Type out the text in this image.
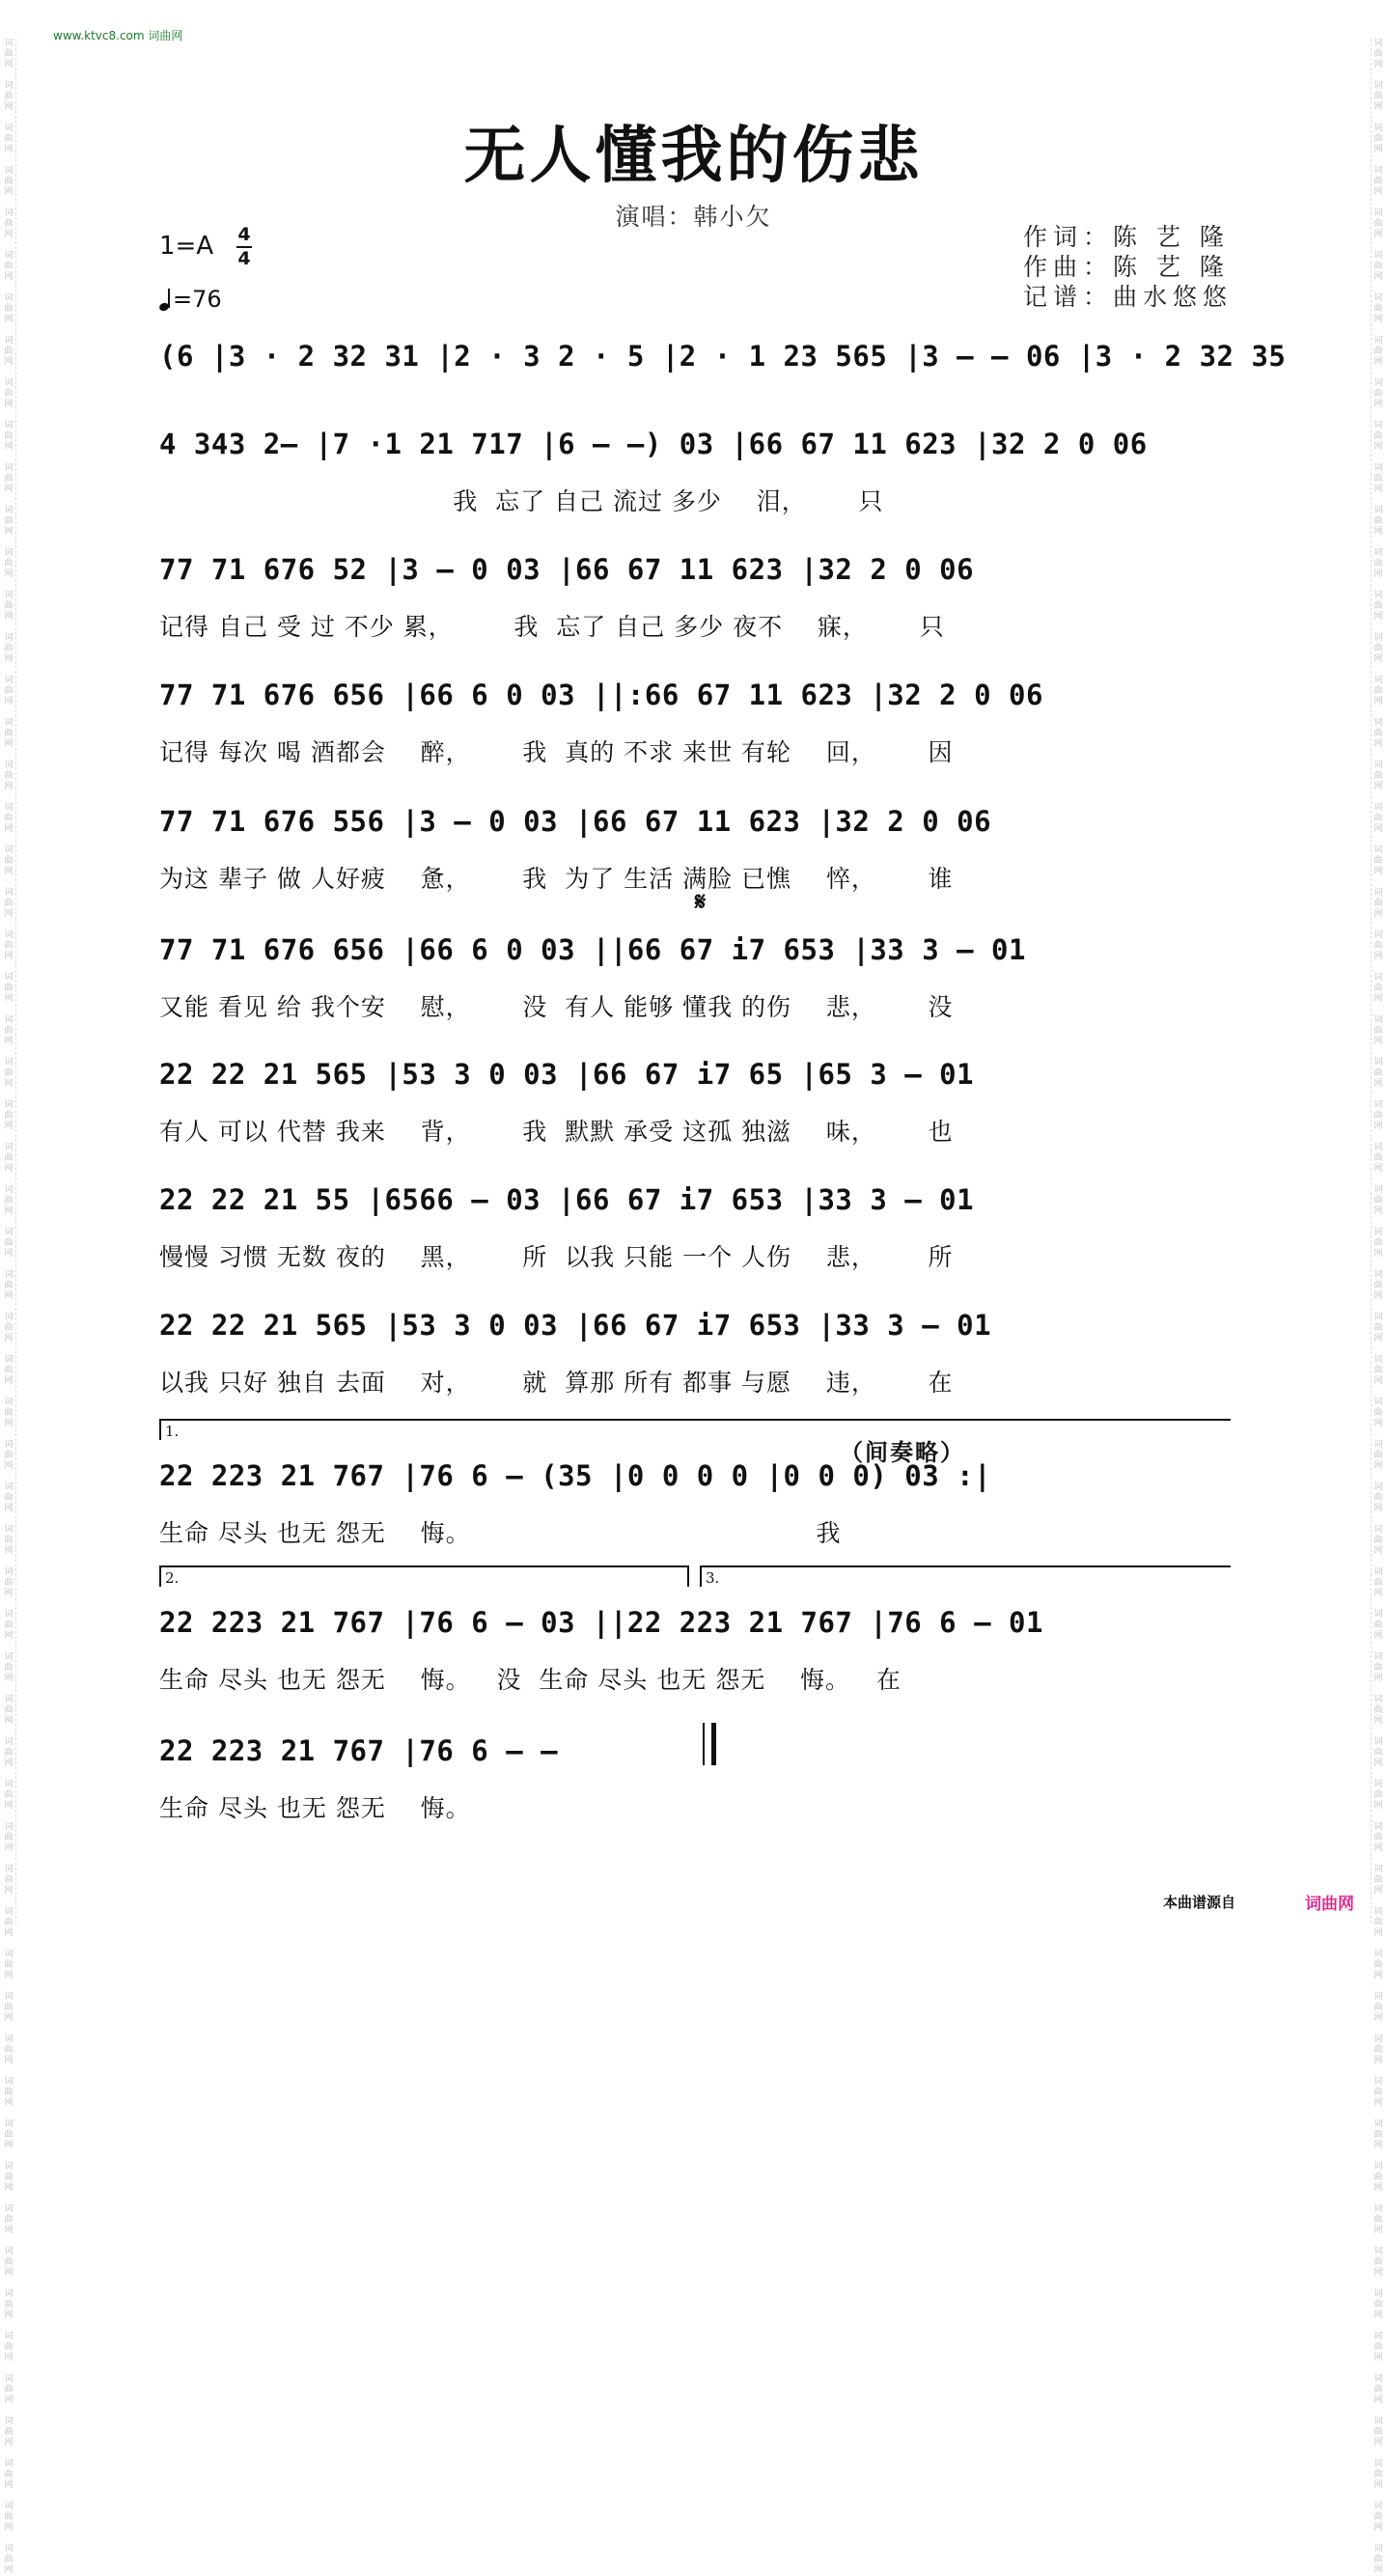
词
曲
网

词
曲
网

词
曲
网

词
曲
网

词
曲
网

词
曲
网

词
曲
网

词
曲
网

词
曲
网

词
曲
网

词
曲
网

词
曲
网

词
曲
网

词
曲
网

词
曲
网

词
曲
网

词
曲
网

词
曲
网

词
曲
网

词
曲
网

词
曲
网

词
曲
网

词
曲
网

词
曲
网

词
曲
网

词
曲
网

词
曲
网

词
曲
网

词
曲
网

词
曲
网

词
曲
网

词
曲
网

词
曲
网

词
曲
网

词
曲
网

词
曲
网

词
曲
网

词
曲
网

词
曲
网

词
曲
网

词
曲
网

词
曲
网

词
曲
网

词
曲
网

词
曲
网

词
曲
网

词
曲
网

词
曲
网

词
曲
网

词
曲
网

词
曲
网

词
曲
网

词
曲
网

词
曲
网

词
曲
网

词
曲
网

词
曲
网

词
曲
网

词
曲
网

词
曲
网

词
曲
网

词
曲
网

词
曲
网

词
曲
网

词
曲
网

词
曲
网

词
曲
网

词
曲
网

词
曲
网

词
曲
网

词
曲
网

词
曲
网

词
曲
网

词
曲
网

词
曲
网

词
曲
网

词
曲
网

词
曲
网

词
曲
网

词
曲
网

词
曲
网

词
曲
网

词
曲
网

词
曲
网

词
曲
网

词
曲
网

词
曲
网

词
曲
网

词
曲
网

词
曲
网

词
曲
网

词
曲
网

词
曲
网

词
曲
网

词
曲
网

词
曲
网

词
曲
网

词
曲
网

词
曲
网

词
曲
网

词
曲
网

词
曲
网

词
曲
网

词
曲
网

词
曲
网

词
曲
网

词
曲
网

词
曲
网

词
曲
网

词
曲
网

词
曲
网

词
曲
网

词
曲
网

词
曲
网

词
曲
网

词
曲
网

词
曲
网

词
曲
网

词
曲
网

词
曲
网

www.ktvc8.com 词曲网
无人懂我的伤悲
演唱：韩小欠
1=A 4
4
=76
作词：陈 艺 隆
作曲：陈 艺 隆
记谱：曲水悠悠
(6 |3 · 2 32 31 |2 · 3 2 · 5 |2 · 1 23 565 |3 – – 06 |3 · 2 32 35
4 343 2– |7 ·1 21 717 |6 – –) 03 |66 67 11 623 |32 2 0 06
我  忘了 自己 流过 多少    泪，      只
77 71 676 52 |3 – 0 03 |66 67 11 623 |32 2 0 06
记得 自己 受 过 不少 累，       我  忘了 自己 多少 夜不    寐，      只
77 71 676 656 |66 6 0 03 ||:66 67 11 623 |32 2 0 06
记得 每次 喝 酒都会    醉，      我  真的 不求 来世 有轮    回，      因
77 71 676 556 |3 – 0 03 |66 67 11 623 |32 2 0 06
为这 辈子 做 人好疲    惫，      我  为了 生活 满脸 已憔    悴，      谁
77 71 676 656 |66 6 0 03 ||66 67 i7 653 |33 3 – 01
又能 看见 给 我个安    慰，      没  有人 能够 懂我 的伤    悲，      没
22 22 21 565 |53 3 0 03 |66 67 i7 65 |65 3 – 01
有人 可以 代替 我来    背，      我  默默 承受 这孤 独滋    味，      也
22 22 21 55 |6566 – 03 |66 67 i7 653 |33 3 – 01
慢慢 习惯 无数 夜的    黑，      所  以我 只能 一个 人伤    悲，      所
22 22 21 565 |53 3 0 03 |66 67 i7 653 |33 3 – 01
以我 只好 独自 去面    对，      就  算那 所有 都事 与愿    违，      在
22 223 21 767 |76 6 – (35 |0 0 0 0 |0 0 0) 03 :|
生命 尽头 也无 怨无    悔。                                        我
22 223 21 767 |76 6 – 03 ||22 223 21 767 |76 6 – 01
生命 尽头 也无 怨无    悔。   没  生命 尽头 也无 怨无    悔。   在
22 223 21 767 |76 6 – –
生命 尽头 也无 怨无    悔。
𝄋
1.
2.	3.
（间奏略）
本曲谱源自	词曲网
